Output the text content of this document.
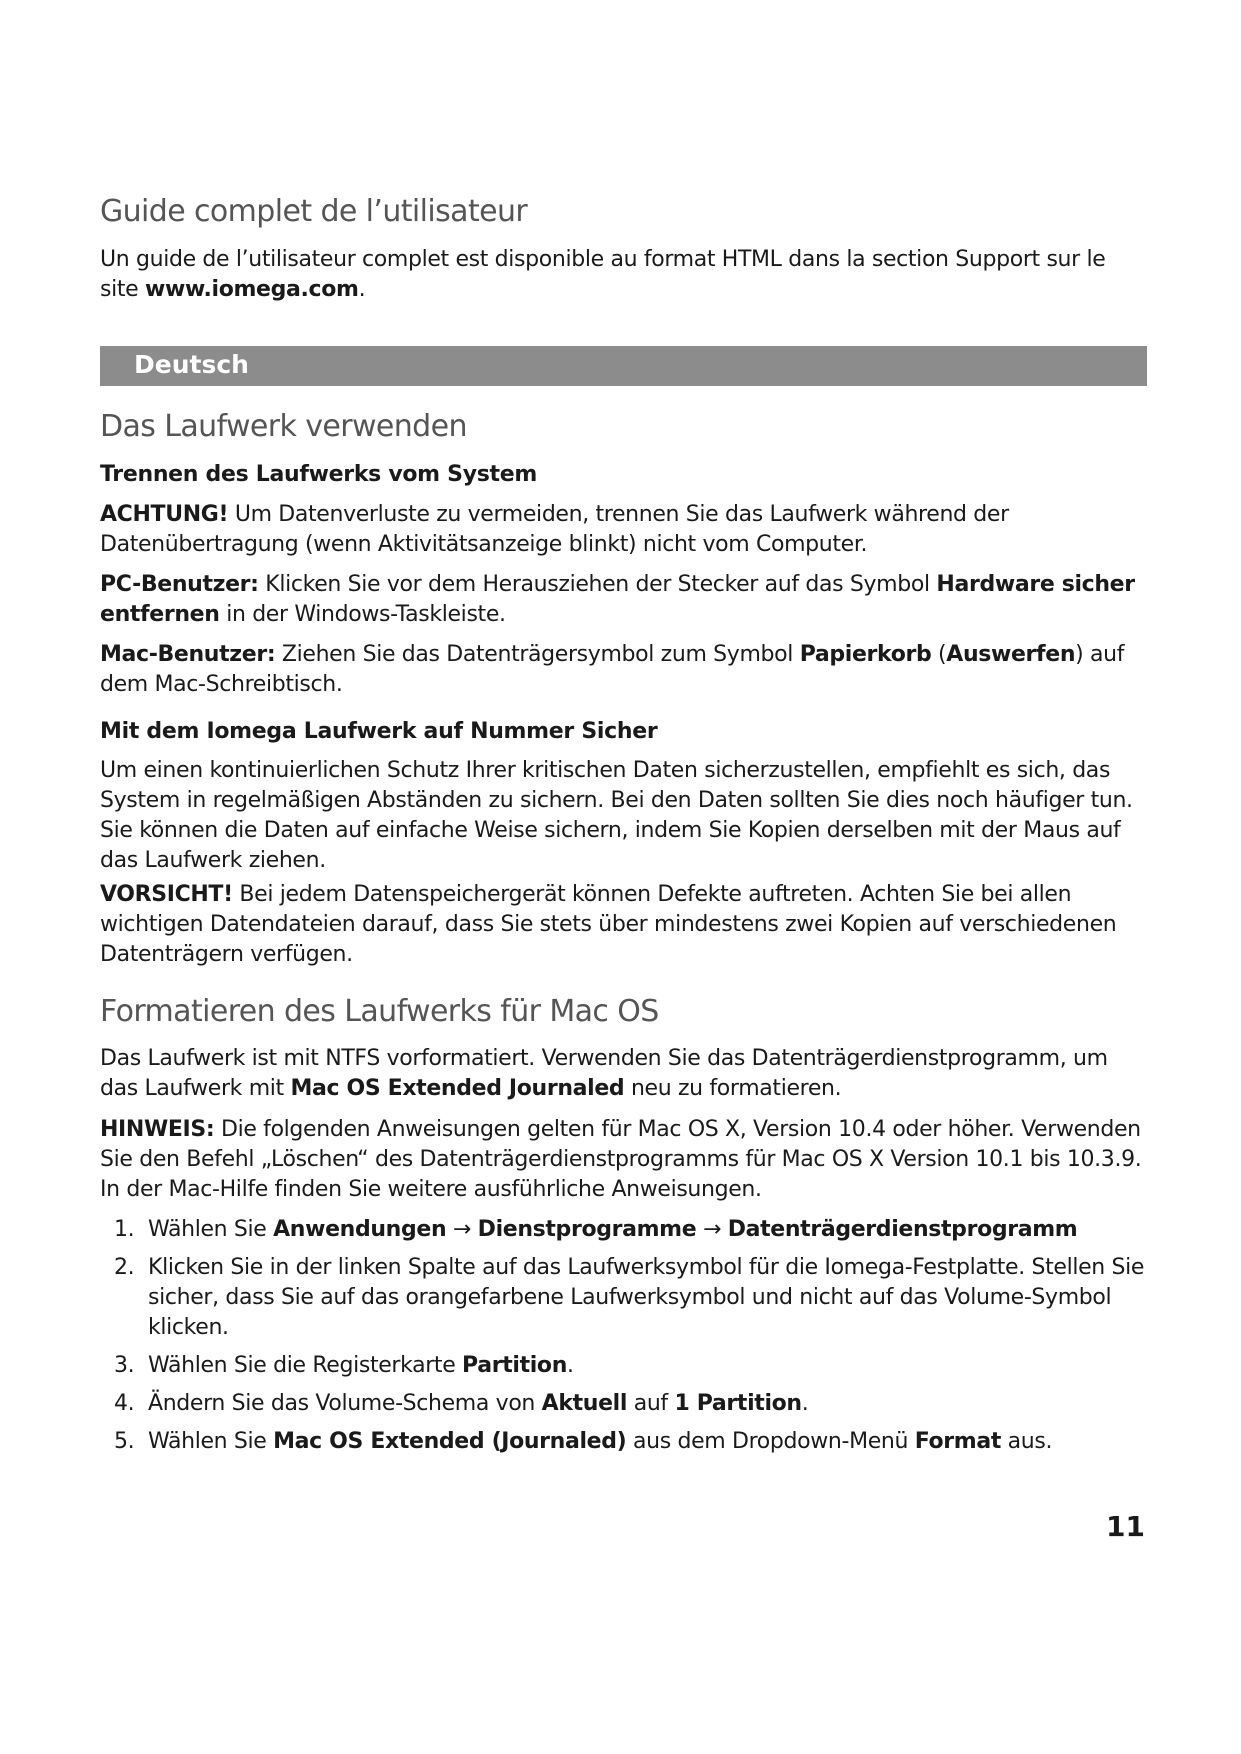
Guide complet de l’utilisateur

Un guide de l’utilisateur complet est disponible au format HTML dans la section Support sur le site www.iomega.com.

Deutsch
Das Laufwerk verwenden
Trennen des Laufwerks vom System

ACHTUNG! Um Datenverluste zu vermeiden, trennen Sie das Laufwerk während der Datenübertragung (wenn Aktivitätsanzeige blinkt) nicht vom Computer.

PC-Benutzer: Klicken Sie vor dem Herausziehen der Stecker auf das Symbol Hardware sicher entfernen in der Windows-Taskleiste.

Mac-Benutzer: Ziehen Sie das Datenträgersymbol zum Symbol Papierkorb (Auswerfen) auf dem Mac-Schreibtisch.

Mit dem Iomega Laufwerk auf Nummer Sicher

Um einen kontinuierlichen Schutz Ihrer kritischen Daten sicherzustellen, empfiehlt es sich, das System in regelmäßigen Abständen zu sichern. Bei den Daten sollten Sie dies noch häufiger tun. Sie können die Daten auf einfache Weise sichern, indem Sie Kopien derselben mit der Maus auf das Laufwerk ziehen.

VORSICHT! Bei jedem Datenspeichergerät können Defekte auftreten. Achten Sie bei allen wichtigen Datendateien darauf, dass Sie stets über mindestens zwei Kopien auf verschiedenen Datenträgern verfügen.

Formatieren des Laufwerks für Mac OS

Das Laufwerk ist mit NTFS vorformatiert. Verwenden Sie das Datenträgerdienstprogramm, um das Laufwerk mit Mac OS Extended Journaled neu zu formatieren.

HINWEIS: Die folgenden Anweisungen gelten für Mac OS X, Version 10.4 oder höher. Verwenden Sie den Befehl „Löschen“ des Datenträgerdienstprogramms für Mac OS X Version 10.1 bis 10.3.9. In der Mac-Hilfe finden Sie weitere ausführliche Anweisungen.

1. Wählen Sie Anwendungen → Dienstprogramme → Datenträgerdienstprogramm
2. Klicken Sie in der linken Spalte auf das Laufwerksymbol für die Iomega-Festplatte. Stellen Sie sicher, dass Sie auf das orangefarbene Laufwerksymbol und nicht auf das Volume-Symbol klicken.
3. Wählen Sie die Registerkarte Partition.
4. Ändern Sie das Volume-Schema von Aktuell auf 1 Partition.
5. Wählen Sie Mac OS Extended (Journaled) aus dem Dropdown-Menü Format aus.
11
